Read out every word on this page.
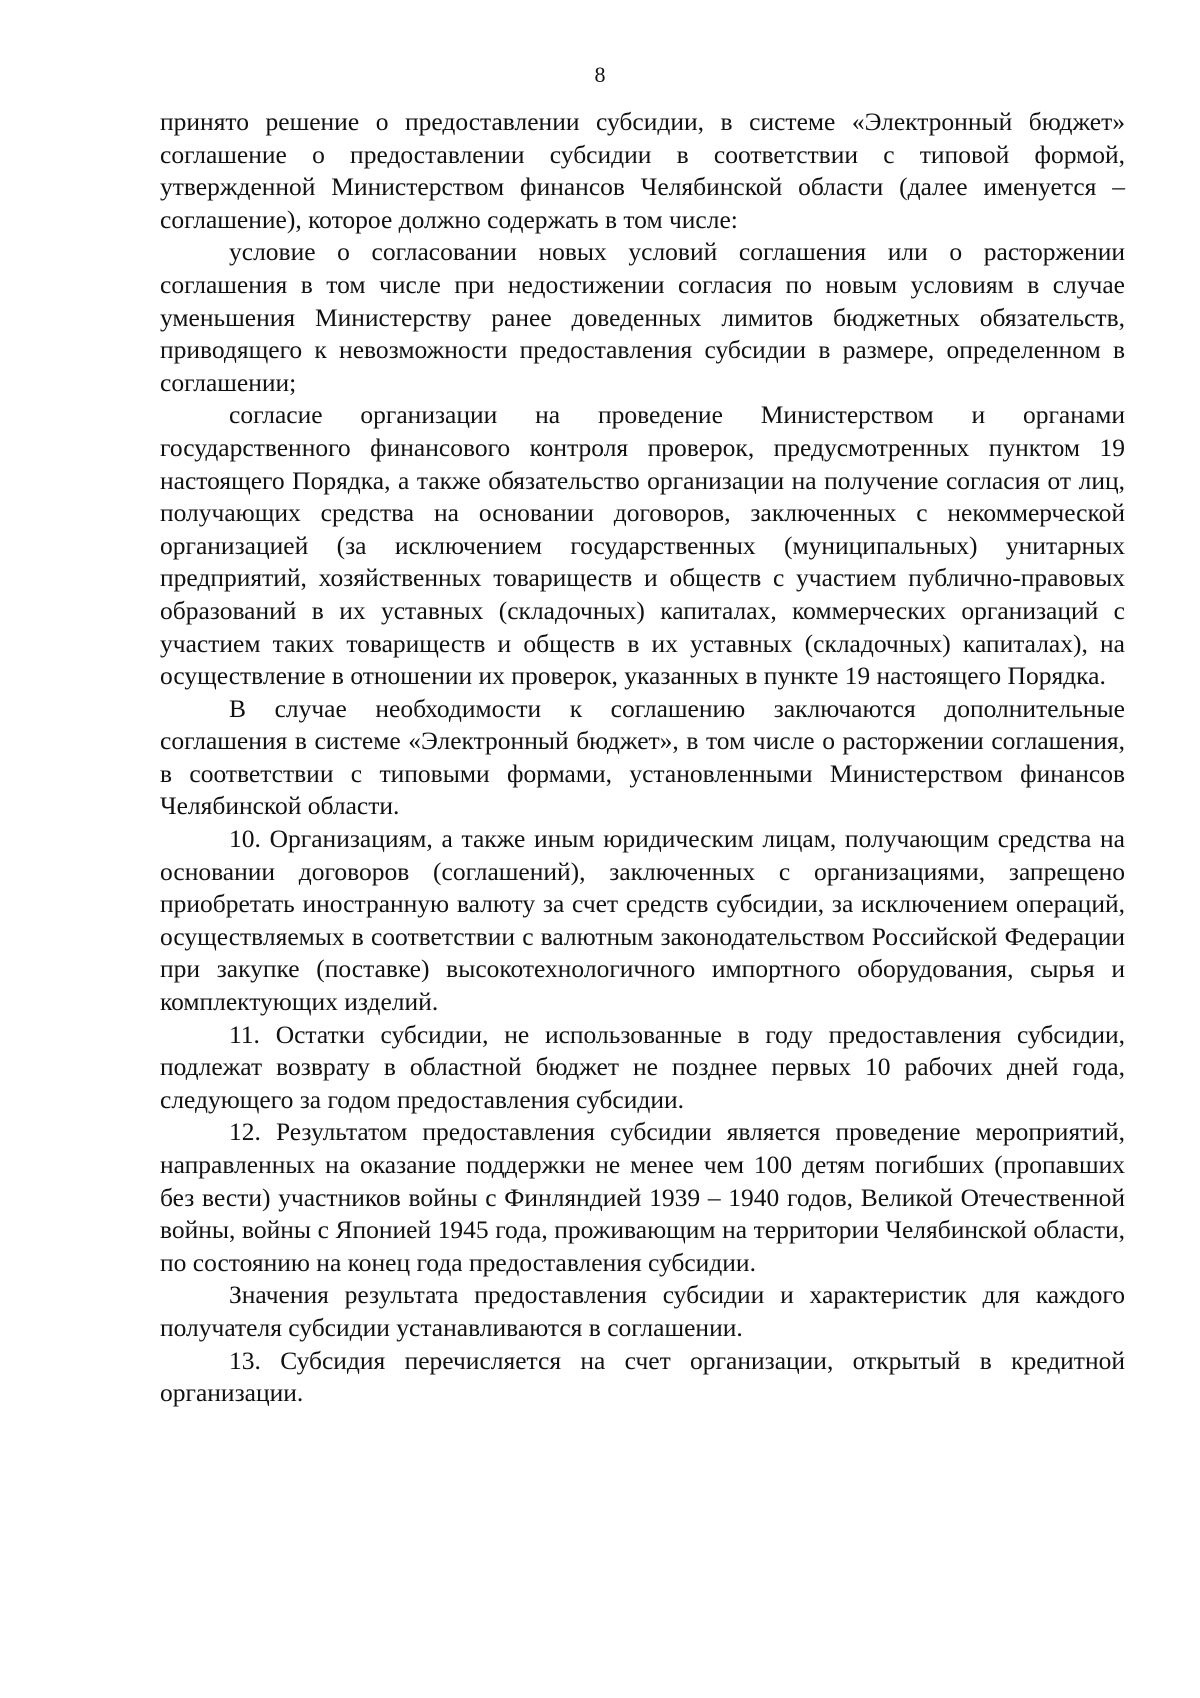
8

принято решение о предоставлении субсидии, в системе «Электронный бюджет» соглашение о предоставлении субсидии в соответствии с типовой формой, утвержденной Министерством финансов Челябинской области (далее именуется – соглашение), которое должно содержать в том числе:

условие о согласовании новых условий соглашения или о расторжении соглашения в том числе при недостижении согласия по новым условиям в случае уменьшения Министерству ранее доведенных лимитов бюджетных обязательств, приводящего к невозможности предоставления субсидии в размере, определенном в соглашении;

согласие организации на проведение Министерством и органами государственного финансового контроля проверок, предусмотренных пунктом 19 настоящего Порядка, а также обязательство организации на получение согласия от лиц, получающих средства на основании договоров, заключенных с некоммерческой организацией (за исключением государственных (муниципальных) унитарных предприятий, хозяйственных товариществ и обществ с участием публично-правовых образований в их уставных (складочных) капиталах, коммерческих организаций с участием таких товариществ и обществ в их уставных (складочных) капиталах), на осуществление в отношении их проверок, указанных в пункте 19 настоящего Порядка.

В случае необходимости к соглашению заключаются дополнительные соглашения в системе «Электронный бюджет», в том числе о расторжении соглашения, в соответствии с типовыми формами, установленными Министерством финансов Челябинской области.

10. Организациям, а также иным юридическим лицам, получающим средства на основании договоров (соглашений), заключенных с организациями, запрещено приобретать иностранную валюту за счет средств субсидии, за исключением операций, осуществляемых в соответствии с валютным законодательством Российской Федерации при закупке (поставке) высокотехнологичного импортного оборудования, сырья и комплектующих изделий.

11. Остатки субсидии, не использованные в году предоставления субсидии, подлежат возврату в областной бюджет не позднее первых 10 рабочих дней года, следующего за годом предоставления субсидии.

12. Результатом предоставления субсидии является проведение мероприятий, направленных на оказание поддержки не менее чем 100 детям погибших (пропавших без вести) участников войны с Финляндией 1939 – 1940 годов, Великой Отечественной войны, войны с Японией 1945 года, проживающим на территории Челябинской области, по состоянию на конец года предоставления субсидии.

Значения результата предоставления субсидии и характеристик для каждого получателя субсидии устанавливаются в соглашении.

13. Субсидия перечисляется на счет организации, открытый в кредитной организации.
